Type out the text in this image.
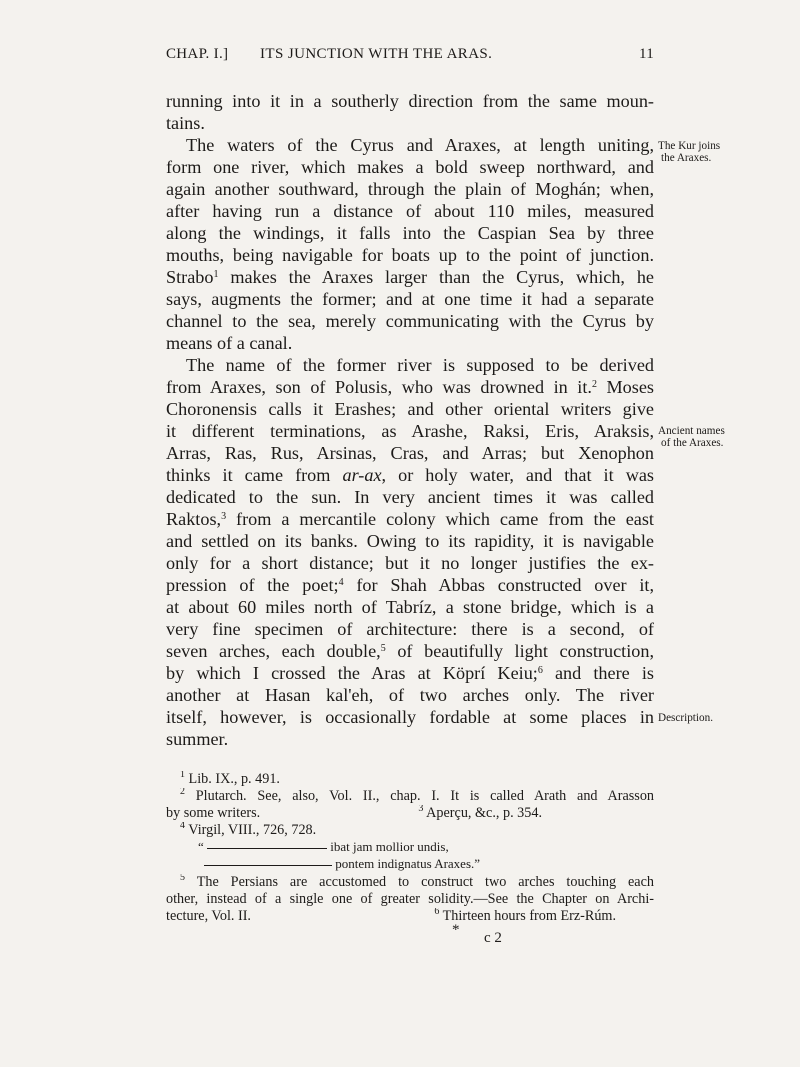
CHAP. I.] ITS JUNCTION WITH THE ARAS.	11
running into it in a southerly direction from the same moun-
tains.
The waters of the Cyrus and Araxes, at length uniting,
form one river, which makes a bold sweep northward, and
again another southward, through the plain of Moghán; when,
after having run a distance of about 110 miles, measured
along the windings, it falls into the Caspian Sea by three
mouths, being navigable for boats up to the point of junction.
Strabo$^1$ makes the Araxes larger than the Cyrus, which, he
says, augments the former; and at one time it had a separate
channel to the sea, merely communicating with the Cyrus by
means of a canal.
The name of the former river is supposed to be derived
from Araxes, son of Polusis, who was drowned in it.$^2$ Moses
Choronensis calls it Erashes; and other oriental writers give
it different terminations, as Arashe, Raksi, Eris, Araksis,
Arras, Ras, Rus, Arsinas, Cras, and Arras; but Xenophon
thinks it came from ar-ax, or holy water, and that it was
dedicated to the sun. In very ancient times it was called
Raktos,$^3$ from a mercantile colony which came from the east
and settled on its banks. Owing to its rapidity, it is navigable
only for a short distance; but it no longer justifies the ex-
pression of the poet;$^4$ for Shah Abbas constructed over it,
at about 60 miles north of Tabríz, a stone bridge, which is a
very fine specimen of architecture: there is a second, of
seven arches, each double,$^5$ of beautifully light construction,
by which I crossed the Aras at Köprí Keiu;$^6$ and there is
another at Hasan kal'eh, of two arches only. The river
itself, however, is occasionally fordable at some places in
summer.
The Kur joins
the Araxes.
Ancient names
of the Araxes.
Description.
$^1$ Lib. IX., p. 491.
$^2$ Plutarch. See, also, Vol. II., chap. I. It is called Arath and Arasson
by some writers.	$^3$ Aperçu, &c., p. 354.
$^4$ Virgil, VIII., 726, 728.
“	ibat jam mollior undis,
pontem indignatus Araxes.”
$^5$ The Persians are accustomed to construct two arches touching each
other, instead of a single one of greater solidity.—See the Chapter on Archi-
tecture, Vol. II.	$^6$ Thirteen hours from Erz-Rúm.
* c 2
